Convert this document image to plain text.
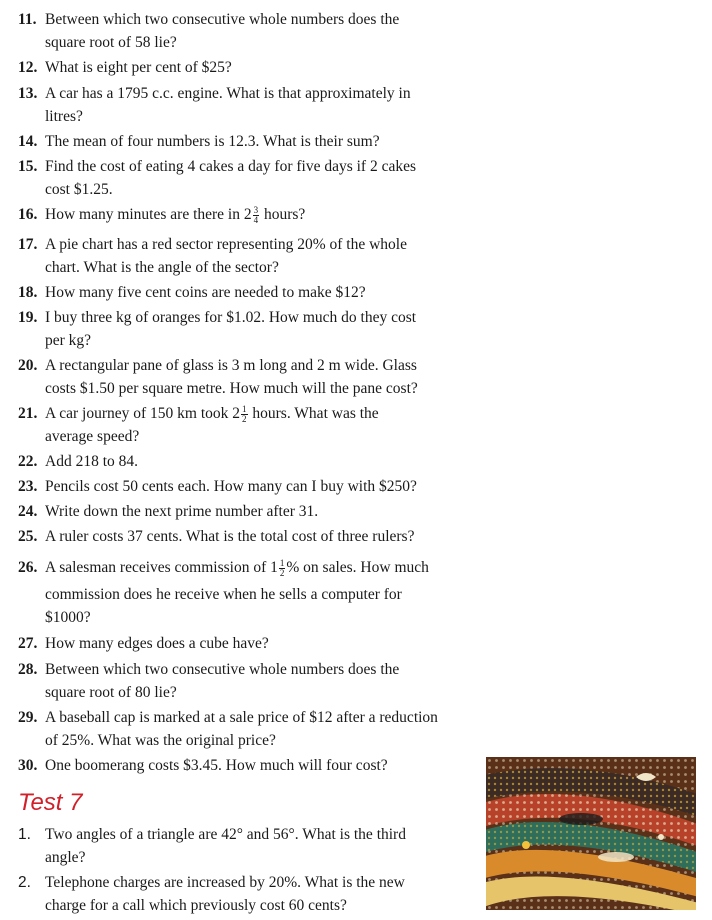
11. Between which two consecutive whole numbers does the
square root of 58 lie?
12. What is eight per cent of $25?
13. A car has a 1795 c.c. engine. What is that approximately in
litres?
14. The mean of four numbers is 12.3. What is their sum?
15. Find the cost of eating 4 cakes a day for five days if 2 cakes
cost $1.25.
16. How many minutes are there in $2 \frac{3}{4}$ hours?
17. A pie chart has a red sector representing 20% of the whole
chart. What is the angle of the sector?
18. How many five cent coins are needed to make $12?
19. I buy three kg of oranges for $1.02. How much do they cost
per kg?
20. A rectangular pane of glass is 3 m long and 2 m wide. Glass
costs $1.50 per square metre. How much will the pane cost?
21. A car journey of 150 km took $2 \frac{1}{2}$ hours. What was the
average speed?
22. Add 218 to 84.
23. Pencils cost 50 cents each. How many can I buy with $250?
24. Write down the next prime number after 31.
25. A ruler costs 37 cents. What is the total cost of three rulers?
26. A salesman receives commission of $1 \frac{1}{2}$ % on sales. How much
commission does he receive when he sells a computer for
$1000?
27. How many edges does a cube have?
28. Between which two consecutive whole numbers does the
square root of 80 lie?
29. A baseball cap is marked at a sale price of $12 after a reduction
of 25%. What was the original price?
30. One boomerang costs $3.45. How much will four cost?
Test 7
1. Two angles of a triangle are 42° and 56°. What is the third
angle?
2. Telephone charges are increased by 20%. What is the new
charge for a call which previously cost 60 cents?
